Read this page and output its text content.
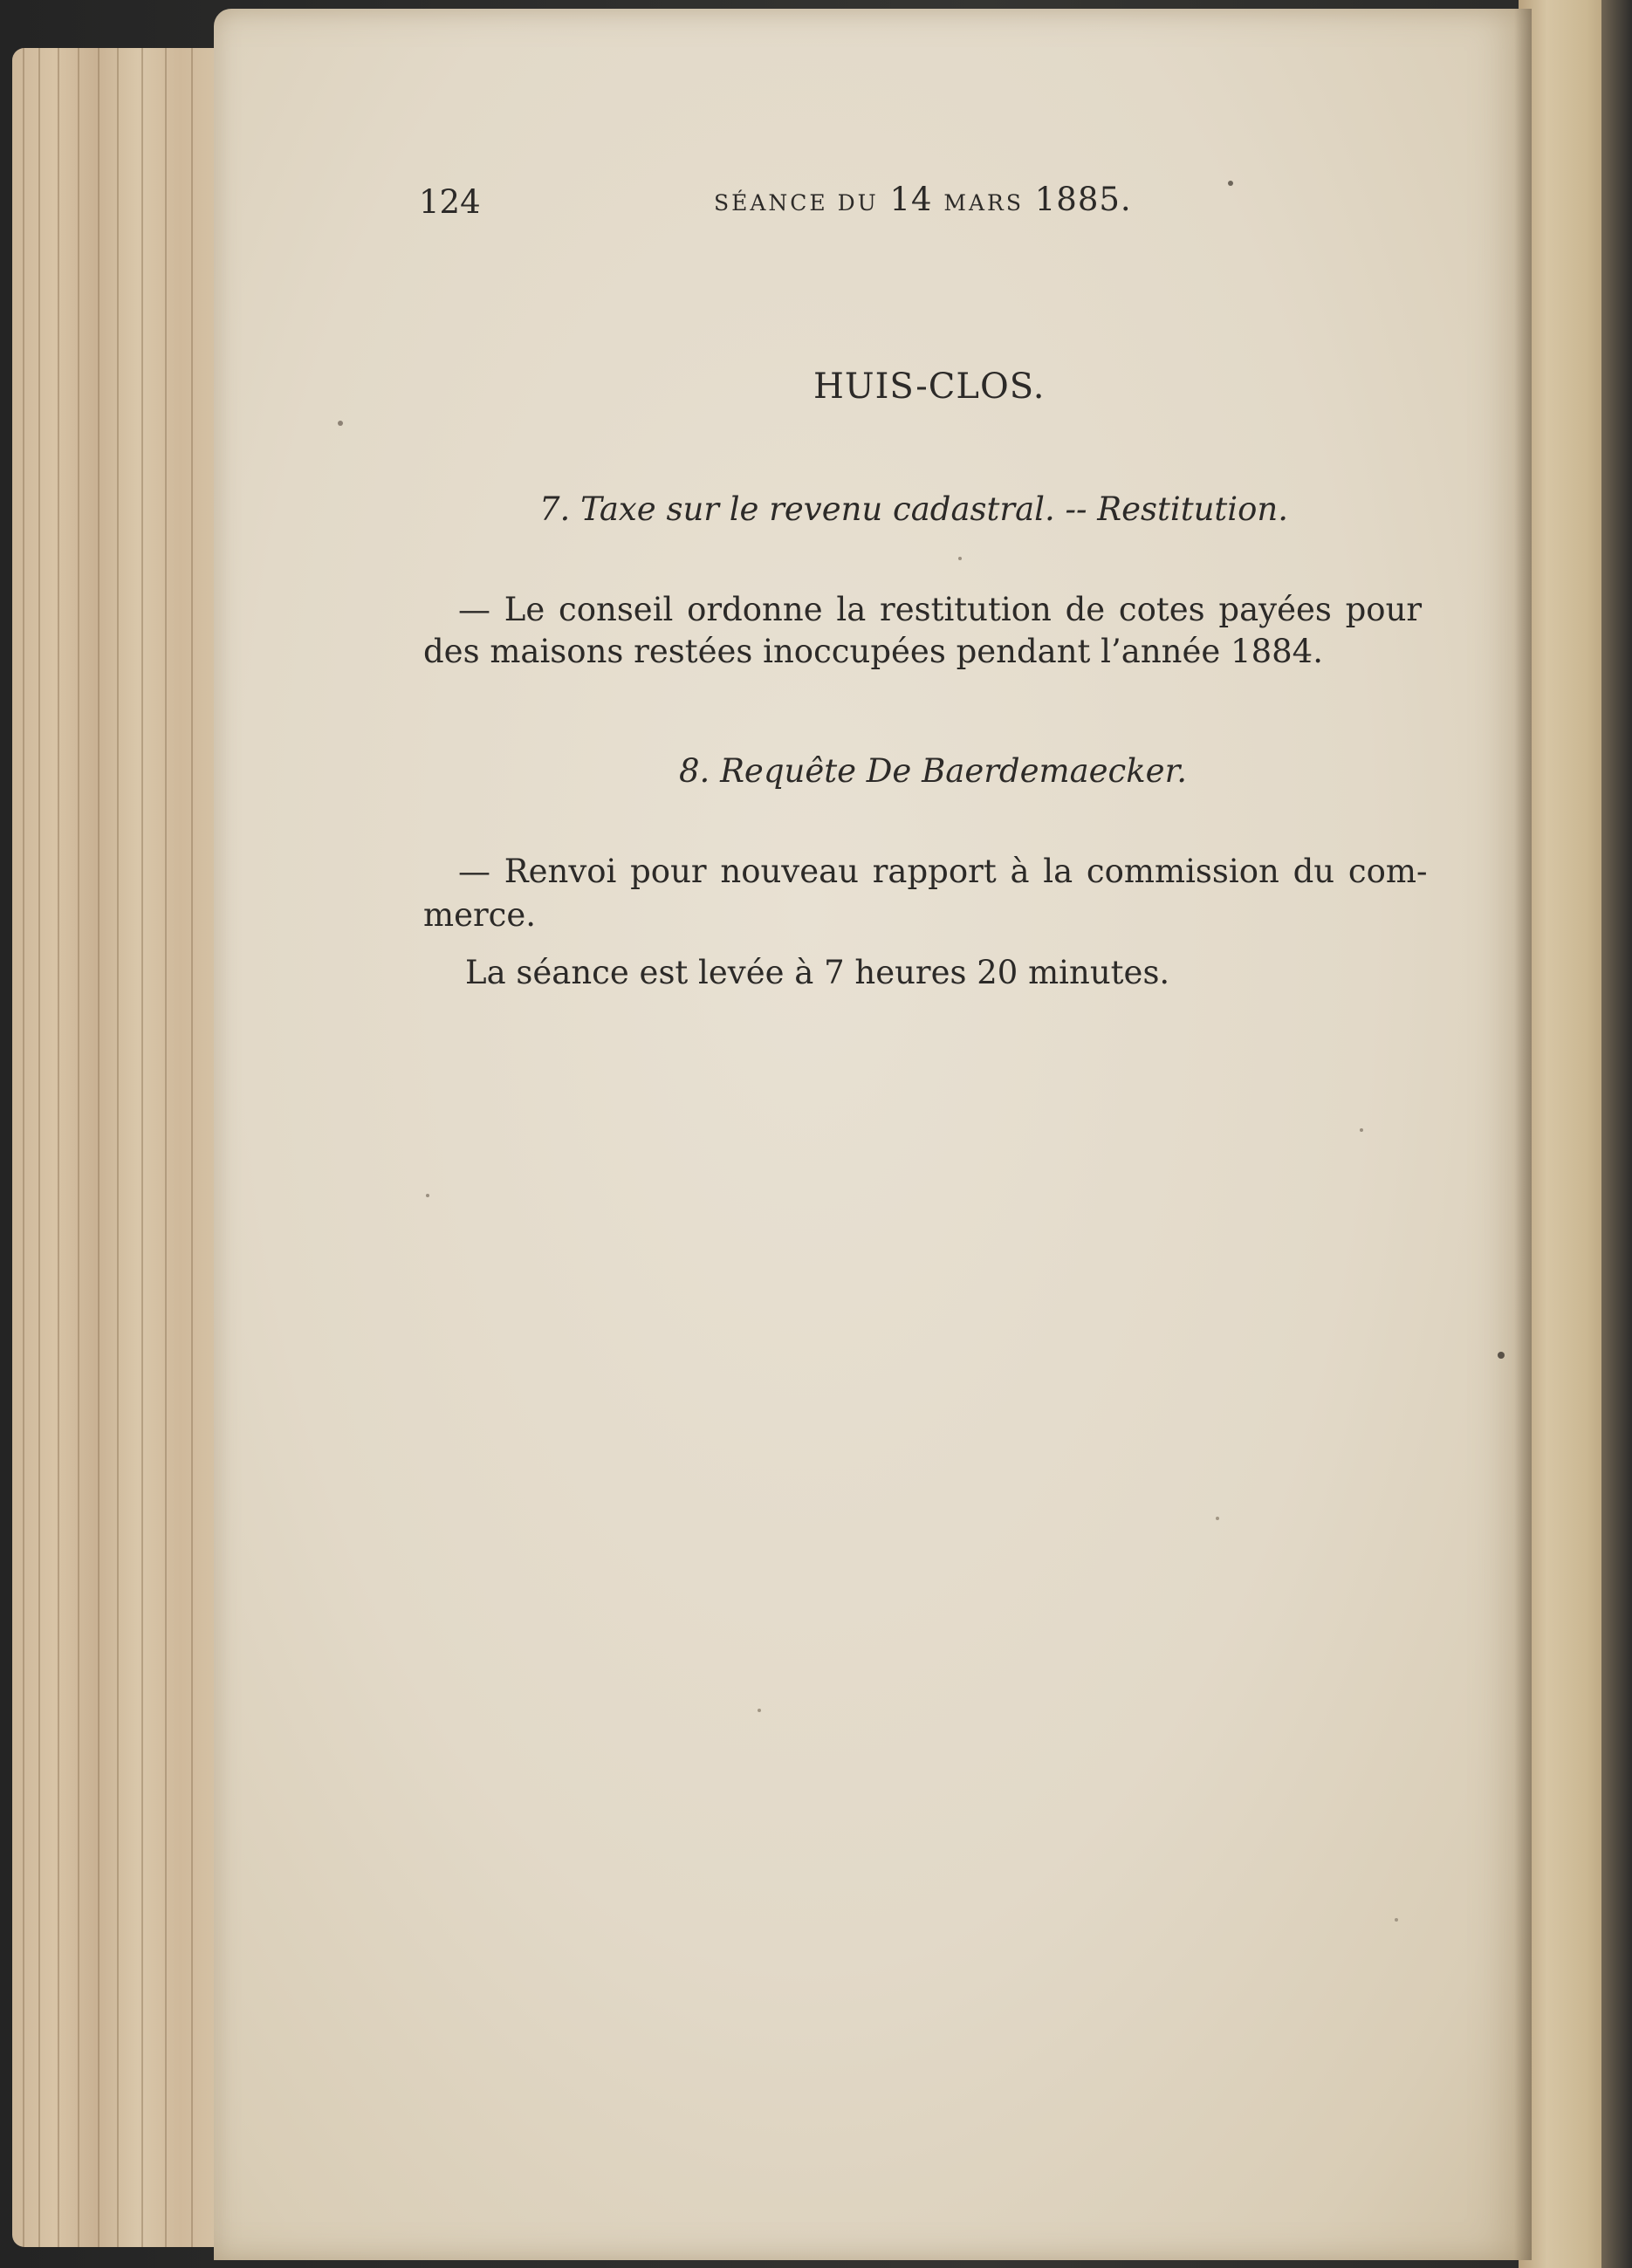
124	SÉANCE DU 14 MARS 1885.
HUIS-CLOS.
7. Taxe sur le revenu cadastral. -- Restitution.
— Le conseil ordonne la restitution de cotes payées pour
des maisons restées inoccupées pendant l’année 1884.
8. Requête De Baerdemaecker.
— Renvoi pour nouveau rapport à la commission du com-
merce.
La séance est levée à 7 heures 20 minutes.
